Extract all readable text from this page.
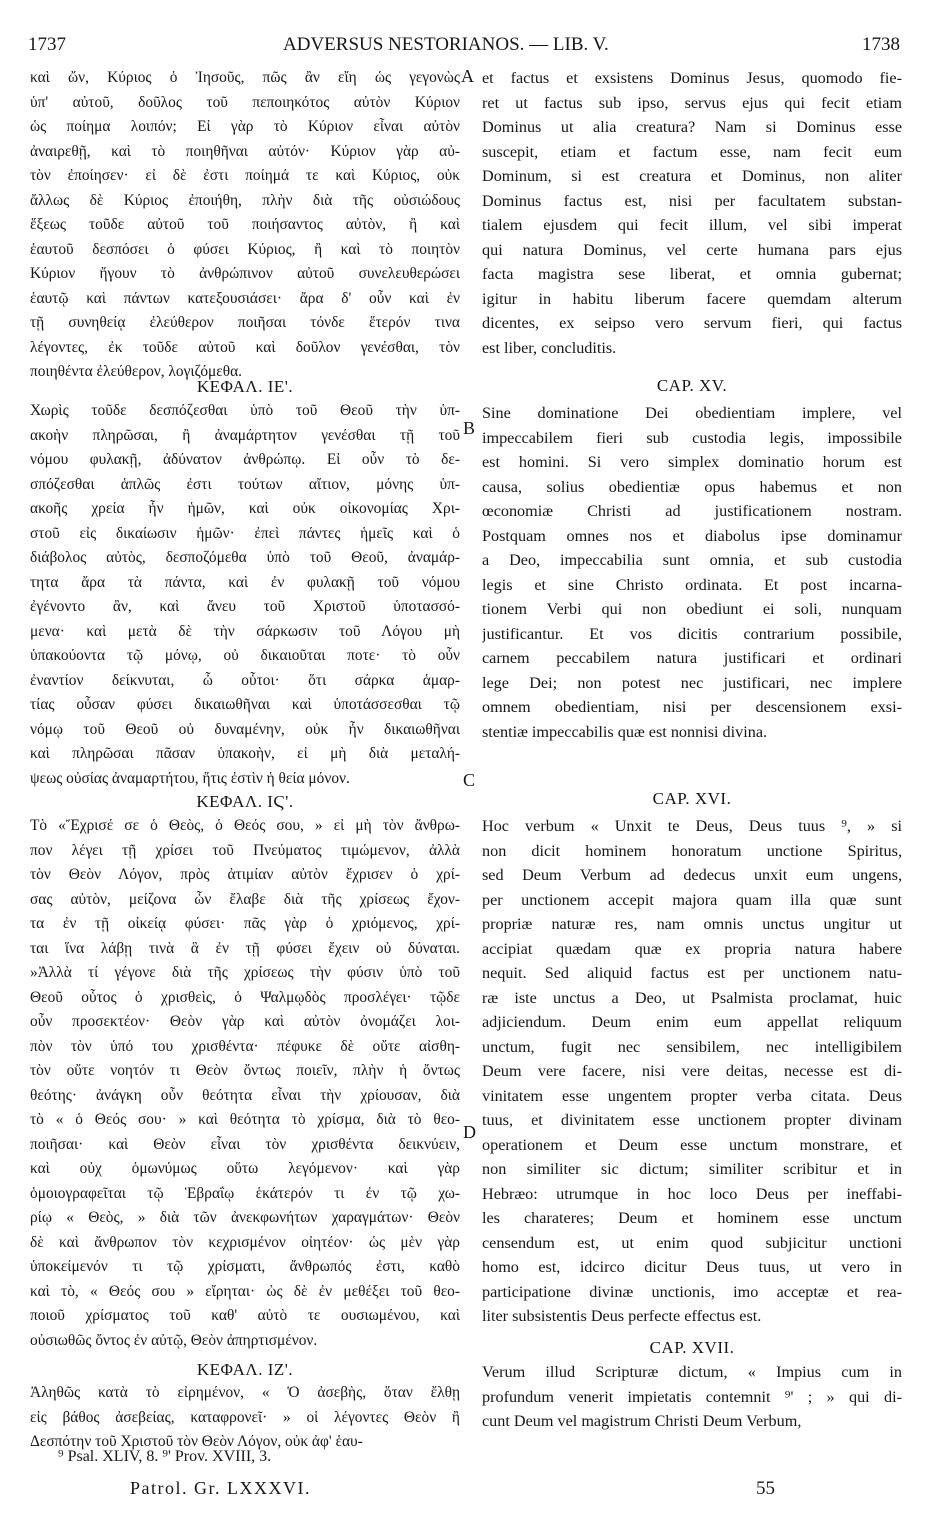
1737	ADVERSUS NESTORIANOS. — LIB. V.	1738
καὶ ὤν, Κύριος ὁ Ἰησοῦς, πῶς ἂν εἴη ὡς γεγονὼς
ὑπ' αὐτοῦ, δοῦλος τοῦ πεποιηκότος αὐτὸν Κύριον
ὡς ποίημα λοιπόν; Εἰ γὰρ τὸ Κύριον εἶναι αὐτὸν
ἀναιρεθῇ, καὶ τὸ ποιηθῆναι αὐτόν· Κύριον γὰρ αὐ-
τὸν ἐποίησεν· εἰ δὲ ἐστι ποίημά τε καὶ Κύριος, οὐκ
ἄλλως δὲ Κύριος ἐποιήθη, πλὴν διὰ τῆς οὐσιώδους
ἕξεως τοῦδε αὐτοῦ τοῦ ποιήσαντος αὐτὸν, ἢ καὶ
ἑαυτοῦ δεσπόσει ὁ φύσει Κύριος, ἢ καὶ τὸ ποιητὸν
Κύριον ἤγουν τὸ ἀνθρώπινον αὐτοῦ συνελευθερώσει
ἑαυτῷ καὶ πάντων κατεξουσιάσει· ἄρα δ' οὖν καὶ ἐν
τῇ συνηθείᾳ ἐλεύθερον ποιῆσαι τόνδε ἕτερόν τινα
λέγοντες, ἐκ τοῦδε αὐτοῦ καὶ δοῦλον γενέσθαι, τὸν
ποιηθέντα ἐλεύθερον, λογιζόμεθα.
ΚΕΦΑΛ. ΙΕ'.
Χωρὶς τοῦδε δεσπόζεσθαι ὑπὸ τοῦ Θεοῦ τὴν ὑπ-
ακοὴν πληρῶσαι, ἢ ἀναμάρτητον γενέσθαι τῇ τοῦ
νόμου φυλακῇ, ἀδύνατον ἀνθρώπῳ. Εἰ οὖν τὸ δε-
σπόζεσθαι ἁπλῶς ἐστι τούτων αἴτιον, μόνης ὑπ-
ακοῆς χρεία ἦν ἡμῶν, καὶ οὐκ οἰκονομίας Χρι-
στοῦ εἰς δικαίωσιν ἡμῶν· ἐπεὶ πάντες ἡμεῖς καὶ ὁ
διάβολος αὐτὸς, δεσποζόμεθα ὑπὸ τοῦ Θεοῦ, ἀναμάρ-
τητα ἄρα τὰ πάντα, καὶ ἐν φυλακῇ τοῦ νόμου
ἐγένοντο ἂν, καὶ ἄνευ τοῦ Χριστοῦ ὑποτασσό-
μενα· καὶ μετὰ δὲ τὴν σάρκωσιν τοῦ Λόγου μὴ
ὑπακούοντα τῷ μόνῳ, οὐ δικαιοῦται ποτε· τὸ οὖν
ἐναντίον δείκνυται, ὦ οὗτοι· ὅτι σάρκα ἁμαρ-
τίας οὖσαν φύσει δικαιωθῆναι καὶ ὑποτάσσεσθαι τῷ
νόμῳ τοῦ Θεοῦ οὐ δυναμένην, οὐκ ἦν δικαιωθῆναι
καὶ πληρῶσαι πᾶσαν ὑπακοὴν, εἰ μὴ διὰ μεταλή-
ψεως οὐσίας ἀναμαρτήτου, ἥτις ἐστὶν ἡ θεία μόνον.
ΚΕΦΑΛ. ΙϚ'.
Τὸ «Ἔχρισέ σε ὁ Θεὸς, ὁ Θεός σου, » εἰ μὴ τὸν ἄνθρω-
πον λέγει τῇ χρίσει τοῦ Πνεύματος τιμώμενον, ἀλλὰ
τὸν Θεὸν Λόγον, πρὸς ἀτιμίαν αὐτὸν ἔχρισεν ὁ χρί-
σας αὐτὸν, μείζονα ὧν ἔλαβε διὰ τῆς χρίσεως ἔχον-
τα ἐν τῇ οἰκείᾳ φύσει· πᾶς γὰρ ὁ χριόμενος, χρί-
ται ἵνα λάβῃ τινὰ ἃ ἐν τῇ φύσει ἔχειν οὐ δύναται.
»Ἀλλὰ τί γέγονε διὰ τῆς χρίσεως τὴν φύσιν ὑπὸ τοῦ
Θεοῦ οὗτος ὁ χρισθεὶς, ὁ Ψαλμῳδὸς προσλέγει· τῷδε
οὖν προσεκτέον· Θεὸν γὰρ καὶ αὐτὸν ὀνομάζει λοι-
πὸν τὸν ὑπό του χρισθέντα· πέφυκε δὲ οὔτε αἰσθη-
τὸν οὔτε νοητόν τι Θεὸν ὄντως ποιεῖν, πλὴν ἡ ὄντως
θεότης· ἀνάγκη οὖν θεότητα εἶναι τὴν χρίουσαν, διὰ
τὸ « ὁ Θεός σου· » καὶ θεότητα τὸ χρίσμα, διὰ τὸ θεο-
ποιῆσαι· καὶ Θεὸν εἶναι τὸν χρισθέντα δεικνύειν,
καὶ οὐχ ὁμωνύμως οὕτω λεγόμενον· καὶ γὰρ
ὁμοιογραφεῖται τῷ Ἑβραΐῳ ἑκάτερόν τι ἐν τῷ χω-
ρίῳ « Θεὸς, » διὰ τῶν ἀνεκφωνήτων χαραγμάτων· Θεὸν
δὲ καὶ ἄνθρωπον τὸν κεχρισμένον οἰητέον· ὡς μὲν γὰρ
ὑποκείμενόν τι τῷ χρίσματι, ἄνθρωπός ἐστι, καθὸ
καὶ τὸ, « Θεός σου » εἴρηται· ὡς δὲ ἐν μεθέξει τοῦ θεο-
ποιοῦ χρίσματος τοῦ καθ' αὐτὸ τε ουσιωμένου, καὶ
οὐσιωθῶς ὄντος ἐν αὐτῷ, Θεὸν ἀπηρτισμένον.
ΚΕΦΑΛ. ΙΖ'.
Ἀληθῶς κατὰ τὸ εἰρημένον, « Ὁ ἀσεβὴς, ὅταν ἔλθῃ
εἰς βάθος ἀσεβείας, καταφρονεῖ· » οἱ λέγοντες Θεὸν ἢ
Δεσπότην τοῦ Χριστοῦ τὸν Θεὸν Λόγον, οὐκ ἀφ' ἑαυ-
et factus et exsistens Dominus Jesus, quomodo fie-
ret ut factus sub ipso, servus ejus qui fecit etiam
Dominus ut alia creatura? Nam si Dominus esse
suscepit, etiam et factum esse, nam fecit eum
Dominum, si est creatura et Dominus, non aliter
Dominus factus est, nisi per facultatem substan-
tialem ejusdem qui fecit illum, vel sibi imperat
qui natura Dominus, vel certe humana pars ejus
facta magistra sese liberat, et omnia gubernat;
igitur in habitu liberum facere quemdam alterum
dicentes, ex seipso vero servum fieri, qui factus
est liber, concluditis.
CAP. XV.
Sine dominatione Dei obedientiam implere, vel
impeccabilem fieri sub custodia legis, impossibile
est homini. Si vero simplex dominatio horum est
causa, solius obedientiæ opus habemus et non
œconomiæ Christi ad justificationem nostram.
Postquam omnes nos et diabolus ipse dominamur
a Deo, impeccabilia sunt omnia, et sub custodia
legis et sine Christo ordinata. Et post incarna-
tionem Verbi qui non obediunt ei soli, nunquam
justificantur. Et vos dicitis contrarium possibile,
carnem peccabilem natura justificari et ordinari
lege Dei; non potest nec justificari, nec implere
omnem obedientiam, nisi per descensionem exsi-
stentiæ impeccabilis quæ est nonnisi divina.
CAP. XVI.
Hoc verbum « Unxit te Deus, Deus tuus ⁹, » si
non dicit hominem honoratum unctione Spiritus,
sed Deum Verbum ad dedecus unxit eum ungens,
per unctionem accepit majora quam illa quæ sunt
propriæ naturæ res, nam omnis unctus ungitur ut
accipiat quædam quæ ex propria natura habere
nequit. Sed aliquid factus est per unctionem natu-
ræ iste unctus a Deo, ut Psalmista proclamat, huic
adjiciendum. Deum enim eum appellat reliquum
unctum, fugit nec sensibilem, nec intelligibilem
Deum vere facere, nisi vere deitas, necesse est di-
vinitatem esse ungentem propter verba citata. Deus
tuus, et divinitatem esse unctionem propter divinam
operationem et Deum esse unctum monstrare, et
non similiter sic dictum; similiter scribitur et in
Hebræo: utrumque in hoc loco Deus per ineffabi-
les charateres; Deum et hominem esse unctum
censendum est, ut enim quod subjicitur unctioni
homo est, idcirco dicitur Deus tuus, ut vero in
participatione divinæ unctionis, imo acceptæ et rea-
liter subsistentis Deus perfecte effectus est.
CAP. XVII.
Verum illud Scripturæ dictum, « Impius cum in
profundum venerit impietatis contemnit ⁹' ; » qui di-
cunt Deum vel magistrum Christi Deum Verbum,
A
B
C
D
⁹ Psal. XLIV, 8. ⁹' Prov. XVIII, 3.
Patrol. Gr. LXXXVI.	55
